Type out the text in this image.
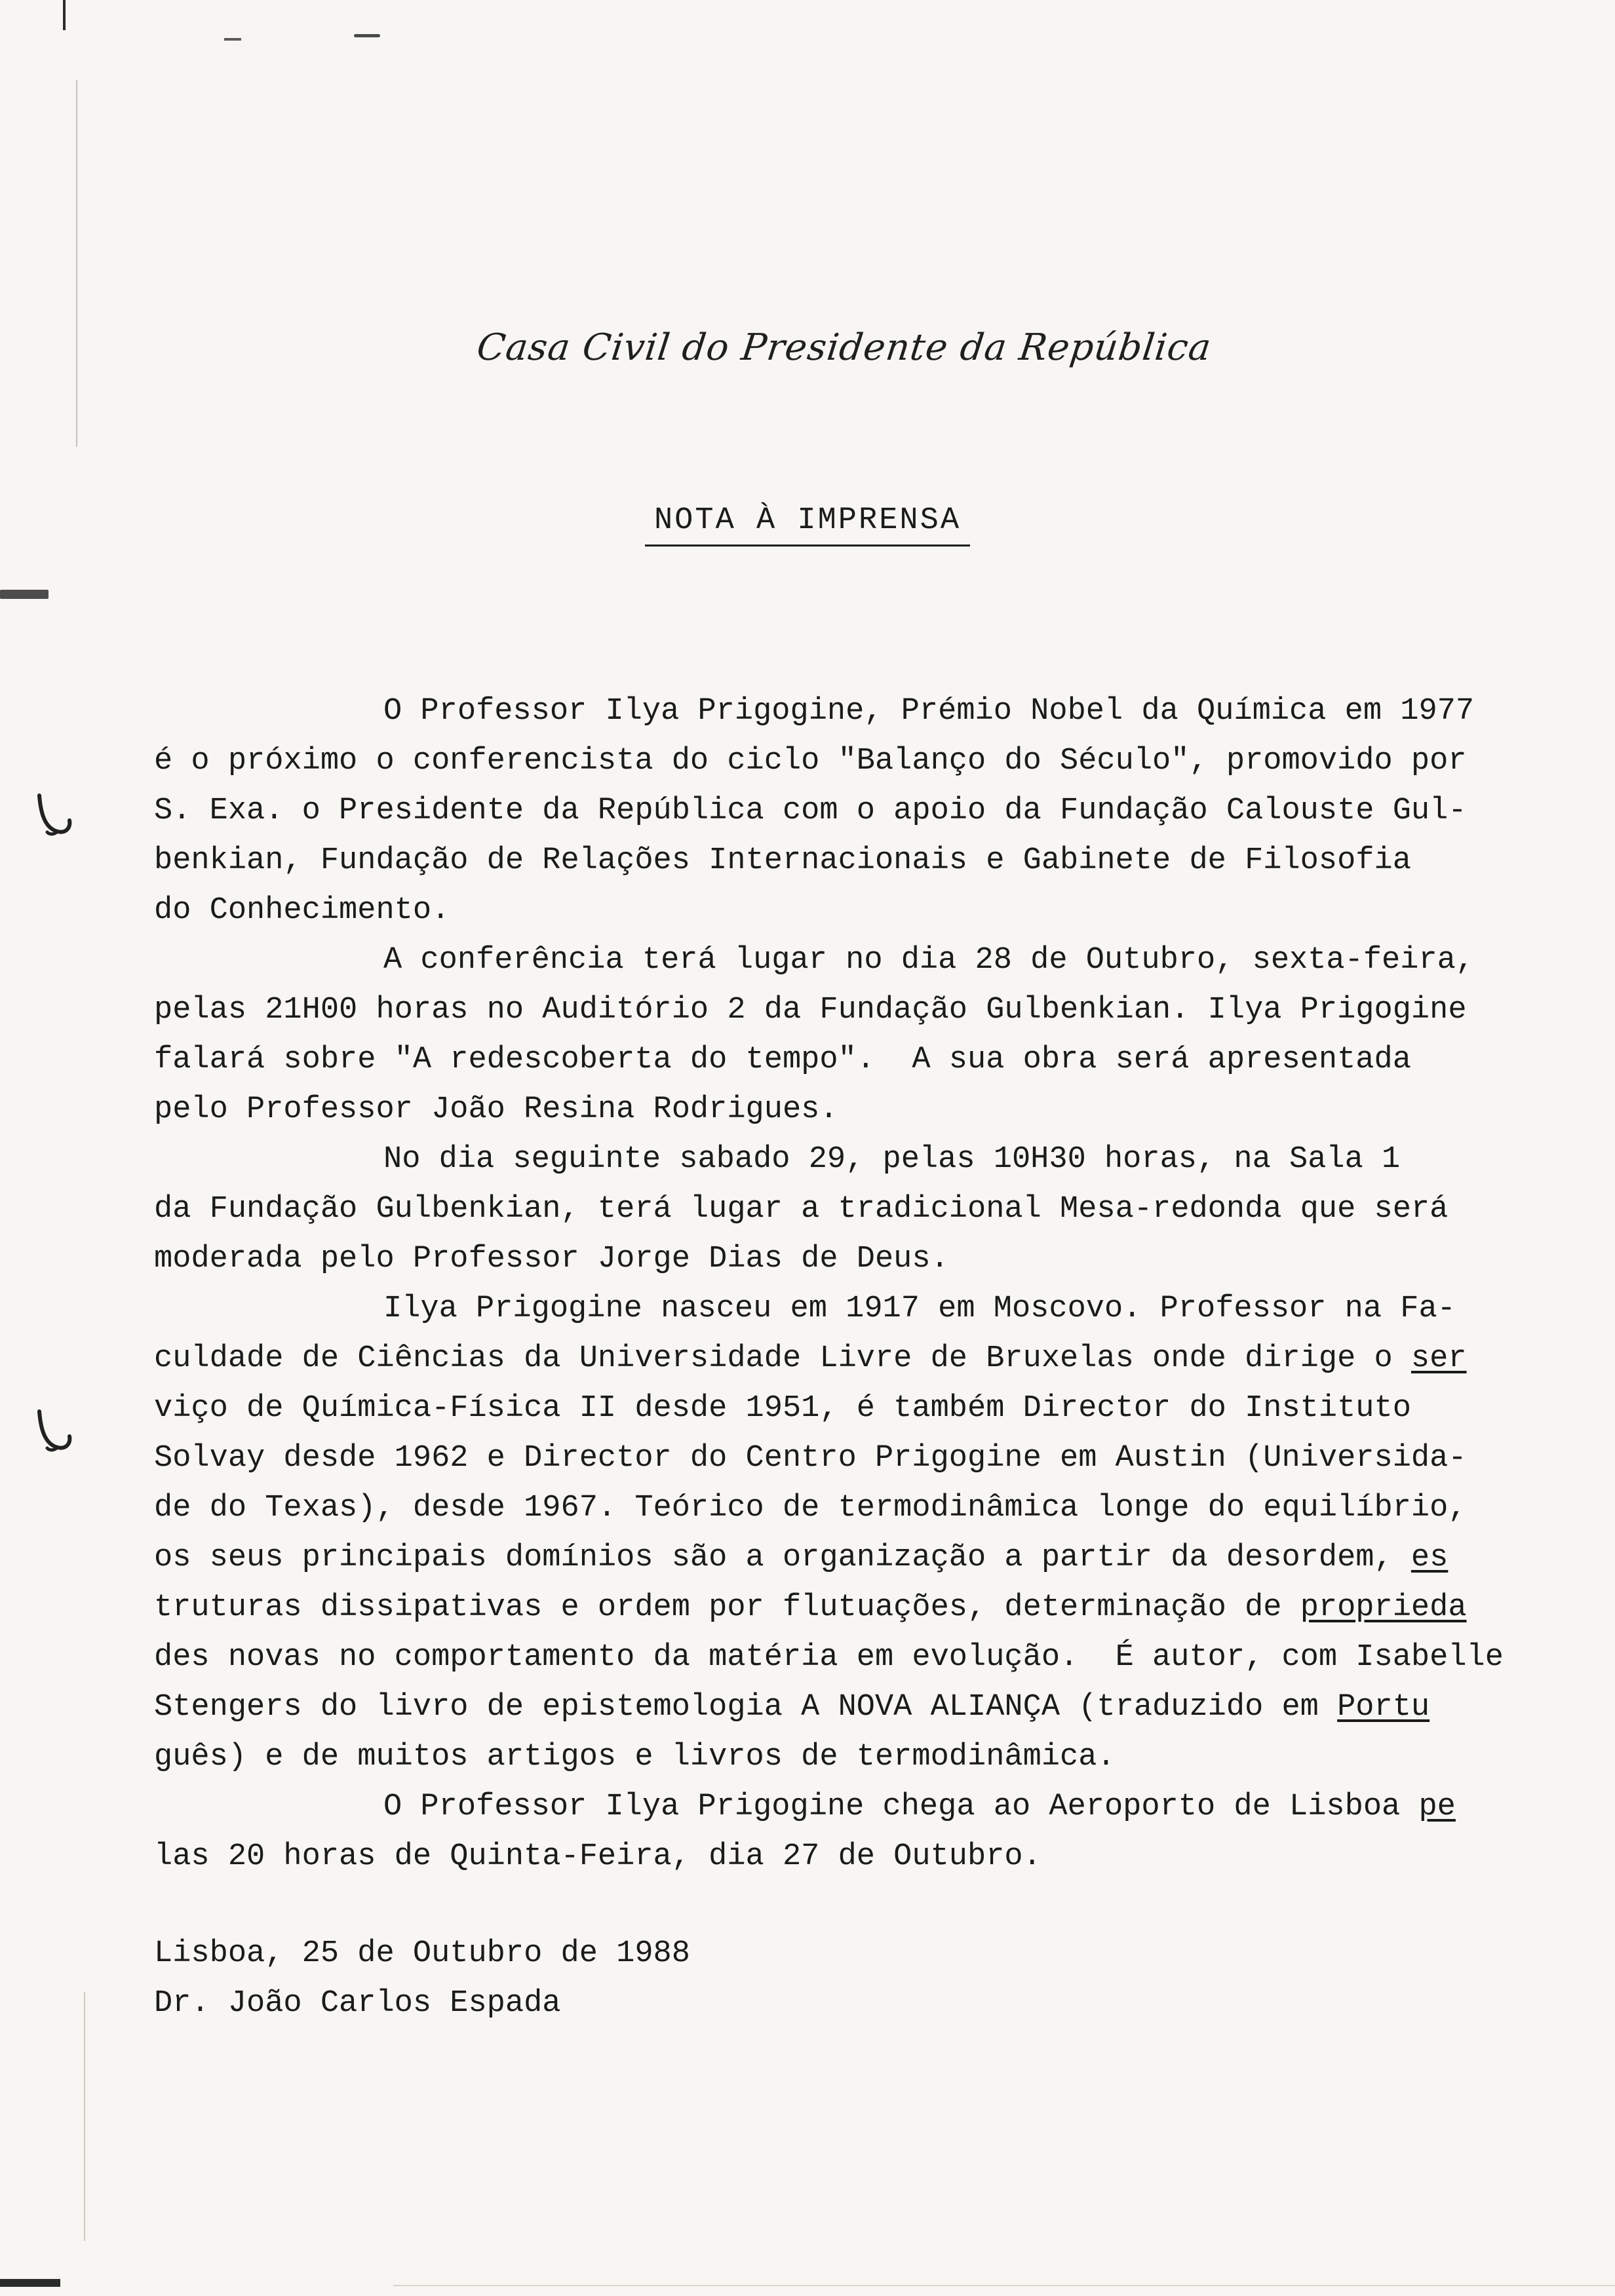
Casa Civil do Presidente da República
NOTA À IMPRENSA
O Professor Ilya Prigogine, Prémio Nobel da Química em 1977
é o próximo o conferencista do ciclo "Balanço do Século", promovido por
S. Exa. o Presidente da República com o apoio da Fundação Calouste Gul-
benkian, Fundação de Relações Internacionais e Gabinete de Filosofia
do Conhecimento.
A conferência terá lugar no dia 28 de Outubro, sexta-feira,
pelas 21H00 horas no Auditório 2 da Fundação Gulbenkian. Ilya Prigogine
falará sobre "A redescoberta do tempo".  A sua obra será apresentada
pelo Professor João Resina Rodrigues.
No dia seguinte sabado 29, pelas 10H30 horas, na Sala 1
da Fundação Gulbenkian, terá lugar a tradicional Mesa-redonda que será
moderada pelo Professor Jorge Dias de Deus.
Ilya Prigogine nasceu em 1917 em Moscovo. Professor na Fa-
culdade de Ciências da Universidade Livre de Bruxelas onde dirige o ser
viço de Química-Física II desde 1951, é também Director do Instituto
Solvay desde 1962 e Director do Centro Prigogine em Austin (Universida-
de do Texas), desde 1967. Teórico de termodinâmica longe do equilíbrio,
os seus principais domínios são a organização a partir da desordem, es
truturas dissipativas e ordem por flutuações, determinação de proprieda
des novas no comportamento da matéria em evolução.  É autor, com Isabelle
Stengers do livro de epistemologia A NOVA ALIANÇA (traduzido em Portu
guês) e de muitos artigos e livros de termodinâmica.
O Professor Ilya Prigogine chega ao Aeroporto de Lisboa pe
las 20 horas de Quinta-Feira, dia 27 de Outubro.
Lisboa, 25 de Outubro de 1988
Dr. João Carlos Espada
